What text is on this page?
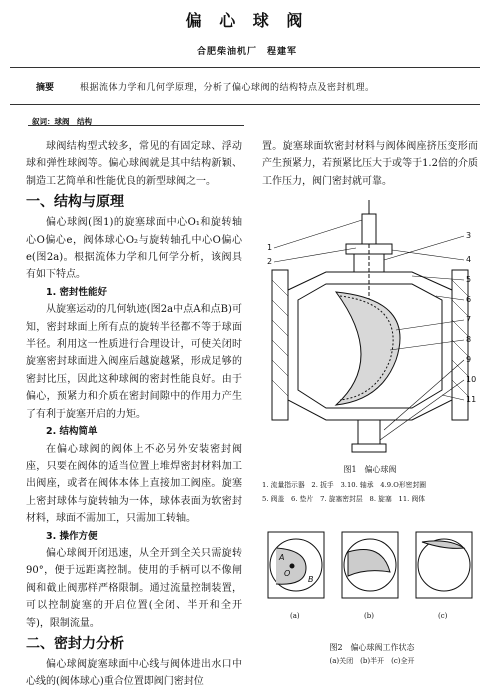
偏 心 球 阀
合肥柴油机厂　程建军
摘要	根据流体力学和几何学原理，分析了偏心球阀的结构特点及密封机理。
叙词：球阀　结构

球阀结构型式较多，常见的有固定球、浮动球和弹性球阀等。偏心球阀就是其中结构新颖、制造工艺简单和性能优良的新型球阀之一。

一、结构与原理

偏心球阀(图1)的旋塞球面中心O₁和旋转轴心O偏心e，阀体球心O₂与旋转轴孔中心O偏心e(图2a)。根据流体力学和几何学分析，该阀具有如下特点。

1. 密封性能好

从旋塞运动的几何轨迹(图2a中点A和点B)可知，密封球面上所有点的旋转半径都不等于球面半径。利用这一性质进行合理设计，可使关闭时旋塞密封球面进入阀座后越旋越紧，形成足够的密封比压，因此这种球阀的密封性能良好。由于偏心，预紧力和介质在密封间隙中的作用力产生了有利于旋塞开启的力矩。

2. 结构简单

在偏心球阀的阀体上不必另外安装密封阀座，只要在阀体的适当位置上堆焊密封材料加工出阀座，或者在阀体本体上直接加工阀座。旋塞上密封球体与旋转轴为一体，球体表面为软密封材料，球面不需加工，只需加工转轴。

3. 操作方便

偏心球阀开闭迅速，从全开到全关只需旋转90°，便于远距离控制。使用的手柄可以不像闸阀和截止阀那样严格限制。通过流量控制装置，可以控制旋塞的开启位置(全闭、半开和全开等)，限制流量。

二、密封力分析

偏心球阀旋塞球面中心线与阀体进出水口中心线的(阀体球心)重合位置即阀门密封位

置。旋塞球面软密封材料与阀体阀座挤压变形而产生预紧力，若预紧比压大于或等于1.2倍的介质工作压力，阀门密封就可靠。

1
2
3
4
5
6
7
8
9
10
11
图1　偏心球阀
1. 流量指示器　2. 扳手　3.10. 轴承　4.9.O形密封圈
5. 阀盖　6. 垫片　7. 旋塞密封层　8. 旋塞　11. 阀体
A
B
O
(a)	(b)	(c)
图2　偏心球阀工作状态
(a)关闭　(b)半开　(c)全开
